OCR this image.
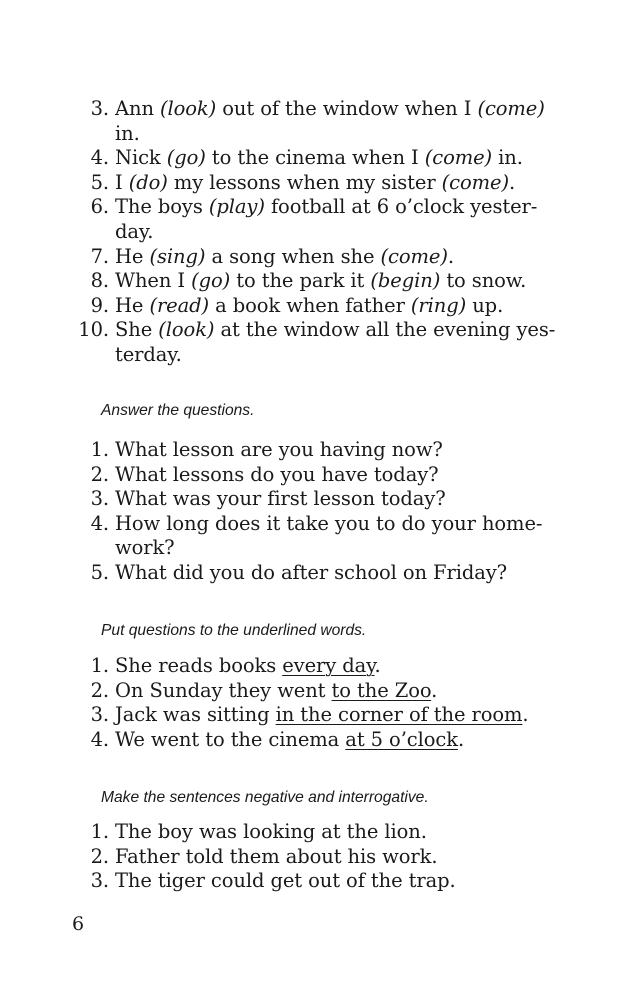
3. Ann (look) out of the window when I (come)
in.
4. Nick (go) to the cinema when I (come) in.
5. I (do) my lessons when my sister (come).
6. The boys (play) football at 6 o’clock yester-
day.
7. He (sing) a song when she (come).
8. When I (go) to the park it (begin) to snow.
9. He (read) a book when father (ring) up.
10. She (look) at the window all the evening yes-
terday.
Answer the questions.
1. What lesson are you having now?
2. What lessons do you have today?
3. What was your first lesson today?
4. How long does it take you to do your home-
work?
5. What did you do after school on Friday?
Put questions to the underlined words.
1. She reads books every day.
2. On Sunday they went to the Zoo.
3. Jack was sitting in the corner of the room.
4. We went to the cinema at 5 o’clock.
Make the sentences negative and interrogative.
1. The boy was looking at the lion.
2. Father told them about his work.
3. The tiger could get out of the trap.
6
